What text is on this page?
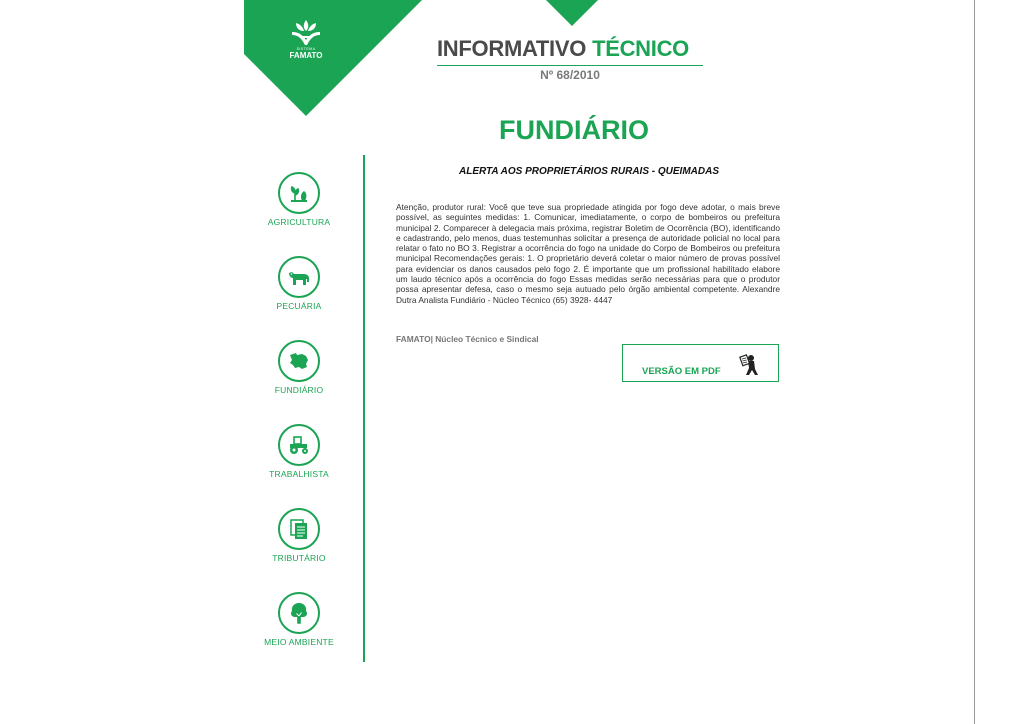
SISTEMA
FAMATO	INFORMATIVO TÉCNICO
Nº 68/2010
FUNDIÁRIO
AGRICULTURA
PECUÁRIA
FUNDIÁRIO
TRABALHISTA
TRIBUTÁRIO
MEIO AMBIENTE
ALERTA AOS PROPRIETÁRIOS RURAIS - QUEIMADAS
Atenção, produtor rural: Você que teve sua propriedade atingida por fogo deve adotar, o mais breve possível, as seguintes medidas: 1. Comunicar, imediatamente, o corpo de bombeiros ou prefeitura municipal 2. Comparecer à delegacia mais próxima, registrar Boletim de Ocorrência (BO), identificando e cadastrando, pelo menos, duas testemunhas solicitar a presença de autoridade policial no local para relatar o fato no BO 3. Registrar a ocorrência do fogo na unidade do Corpo de Bombeiros ou prefeitura municipal Recomendações gerais: 1. O proprietário deverá coletar o maior número de provas possível para evidenciar os danos causados pelo fogo 2. É importante que um profissional habilitado elabore um laudo técnico após a ocorrência do fogo Essas medidas serão necessárias para que o produtor possa apresentar defesa, caso o mesmo seja autuado pelo órgão ambiental competente. Alexandre Dutra Analista Fundiário - Núcleo Técnico (65) 3928- 4447
FAMATO| Núcleo Técnico e Sindical
VERSÃO EM PDF
